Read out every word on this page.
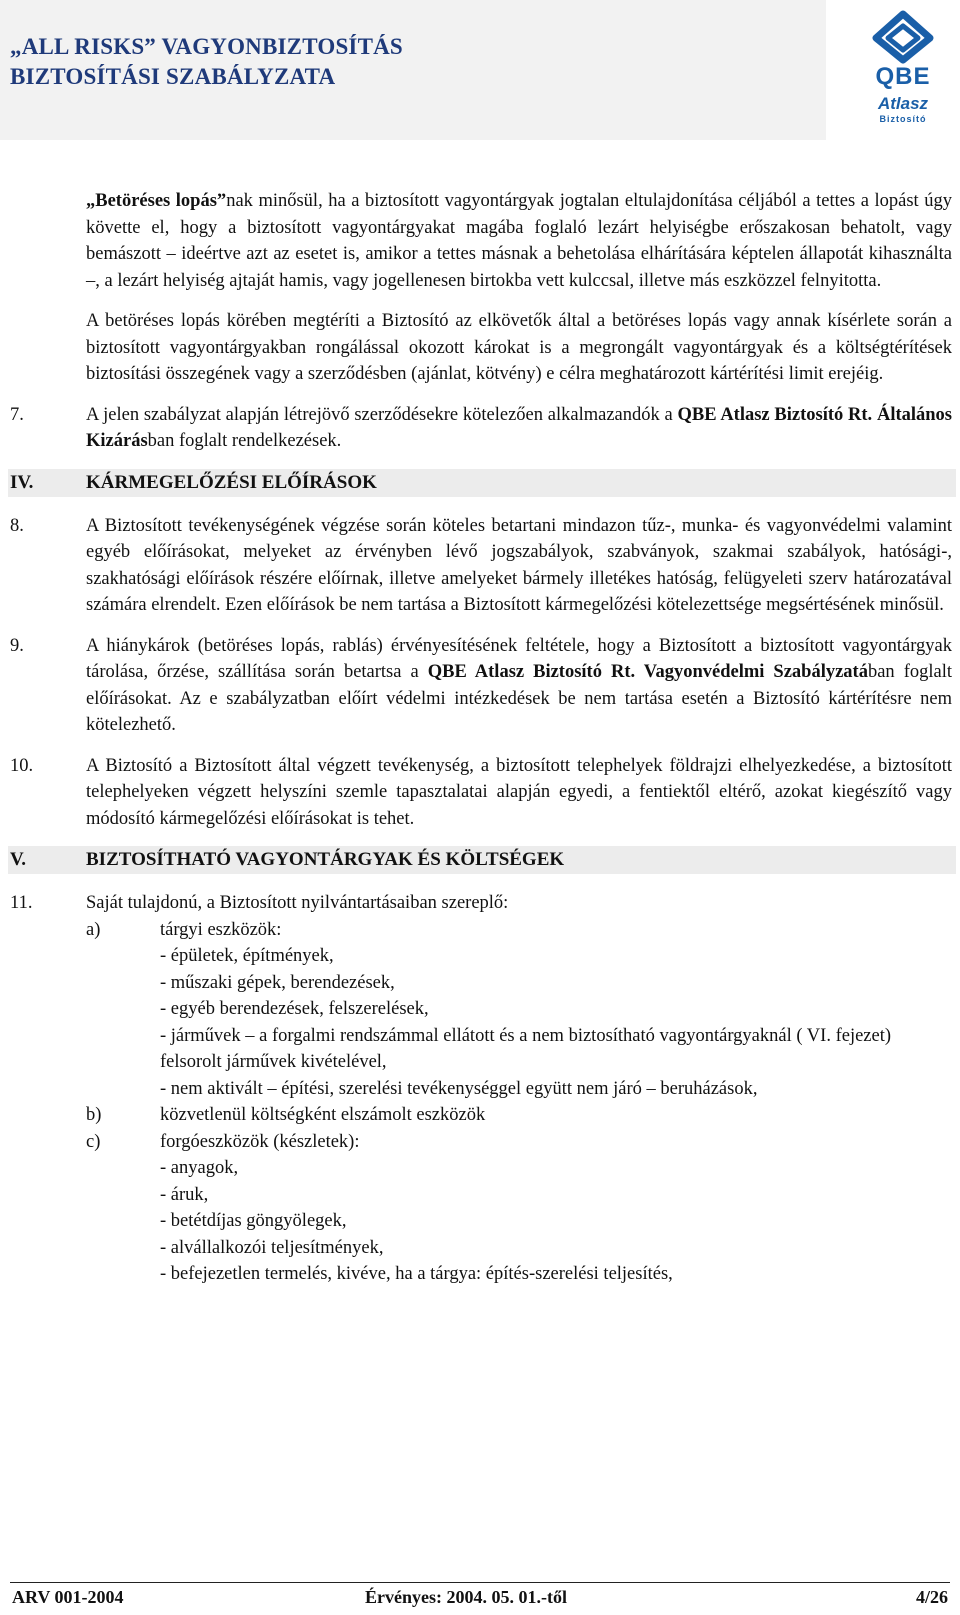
„ALL RISKS” VAGYONBIZTOSÍTÁS
BIZTOSÍTÁSI SZABÁLYZATA	QBE
Atlasz
Biztosító
„Betöréses lopás”nak minősül, ha a biztosított vagyontárgyak jogtalan eltulajdonítása céljából a tettes a lopást úgy követte el, hogy a biztosított vagyontárgyakat magába foglaló lezárt helyiségbe erőszakosan behatolt, vagy bemászott – ideértve azt az esetet is, amikor a tettes másnak a behetolása elhárítására képtelen állapotát kihasználta –, a lezárt helyiség ajtaját hamis, vagy jogellenesen birtokba vett kulccsal, illetve más eszközzel felnyitotta.
A betöréses lopás körében megtéríti a Biztosító az elkövetők által a betöréses lopás vagy annak kísérlete során a biztosított vagyontárgyakban rongálással okozott károkat is a megrongált vagyontárgyak és a költségtérítések biztosítási összegének vagy a szerződésben (ajánlat, kötvény) e célra meghatározott kártérítési limit erejéig.
7.	A jelen szabályzat alapján létrejövő szerződésekre kötelezően alkalmazandók a QBE Atlasz Biztosító Rt. Általános Kizárásban foglalt rendelkezések.
IV.	KÁRMEGELŐZÉSI ELŐÍRÁSOK
8.	A Biztosított tevékenységének végzése során köteles betartani mindazon tűz-, munka- és vagyonvédelmi valamint egyéb előírásokat, melyeket az érvényben lévő jogszabályok, szabványok, szakmai szabályok, hatósági-, szakhatósági előírások részére előírnak, illetve amelyeket bármely illetékes hatóság, felügyeleti szerv határozatával számára elrendelt. Ezen előírások be nem tartása a Biztosított kármegelőzési kötelezettsége megsértésének minősül.
9.	A hiánykárok (betöréses lopás, rablás) érvényesítésének feltétele, hogy a Biztosított a biztosított vagyontárgyak tárolása, őrzése, szállítása során betartsa a QBE Atlasz Biztosító Rt. Vagyonvédelmi Szabályzatában foglalt előírásokat. Az e szabályzatban előírt védelmi intézkedések be nem tartása esetén a Biztosító kártérítésre nem kötelezhető.
10.	A Biztosító a Biztosított által végzett tevékenység, a biztosított telephelyek földrajzi elhelyezkedése, a biztosított telephelyeken végzett helyszíni szemle tapasztalatai alapján egyedi, a fentiektől eltérő, azokat kiegészítő vagy módosító kármegelőzési előírásokat is tehet.
V.	BIZTOSÍTHATÓ VAGYONTÁRGYAK ÉS KÖLTSÉGEK
11.	Saját tulajdonú, a Biztosított nyilvántartásaiban szereplő:
a)	tárgyi eszközök:
- épületek, építmények,
- műszaki gépek, berendezések,
- egyéb berendezések, felszerelések,
- járművek – a forgalmi rendszámmal ellátott és a nem biztosítható vagyontárgyaknál ( VI. fejezet) felsorolt járművek kivételével,
- nem aktivált – építési, szerelési tevékenységgel együtt nem járó – beruházások,
b)	közvetlenül költségként elszámolt eszközök
c)	forgóeszközök (készletek):
- anyagok,
- áruk,
- betétdíjas göngyölegek,
- alvállalkozói teljesítmények,
- befejezetlen termelés, kivéve, ha a tárgya: építés-szerelési teljesítés,
ARV 001-2004	Érvényes: 2004. 05. 01.-től	4/26
